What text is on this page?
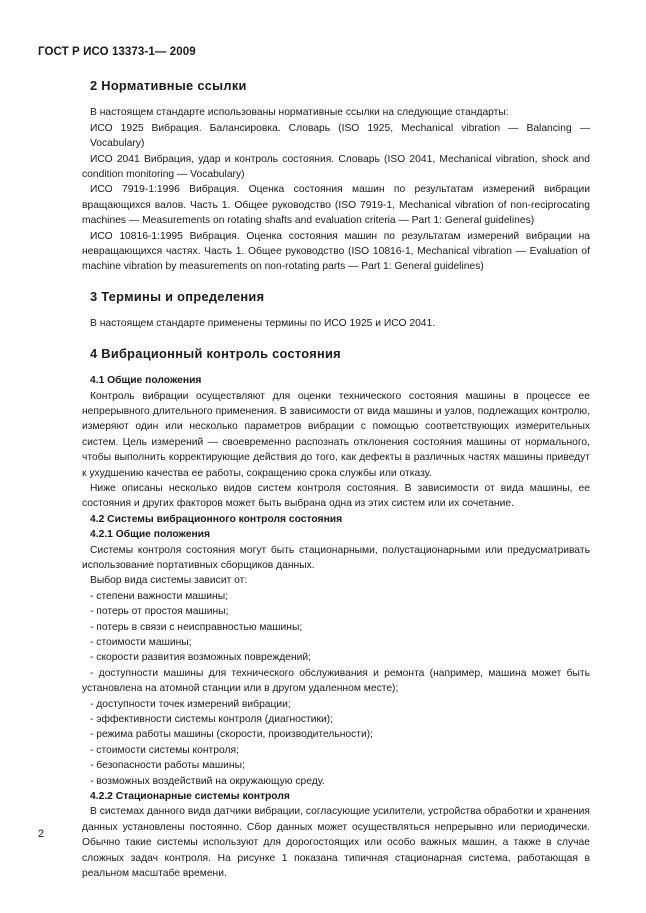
ГОСТ Р ИСО 13373-1— 2009
2 Нормативные ссылки

В настоящем стандарте использованы нормативные ссылки на следующие стандарты:

ИСО 1925 Вибрация. Балансировка. Словарь (ISO 1925, Mechanical vibration — Balancing — Vocabulary)

ИСО 2041 Вибрация, удар и контроль состояния. Словарь (ISO 2041, Mechanical vibration, shock and condition monitoring — Vocabulary)

ИСО 7919-1:1996 Вибрация. Оценка состояния машин по результатам измерений вибрации вращающихся валов. Часть 1. Общее руководство (ISO 7919-1, Mechanical vibration of non-reciprocating machines — Measurements on rotating shafts and evaluation criteria — Part 1: General guidelines)

ИСО 10816-1:1995 Вибрация. Оценка состояния машин по результатам измерений вибрации на невращающихся частях. Часть 1. Общее руководство (ISO 10816-1, Mechanical vibration — Evaluation of machine vibration by measurements on non-rotating parts — Part 1: General guidelines)

3 Термины и определения

В настоящем стандарте применены термины по ИСО 1925 и ИСО 2041.

4 Вибрационный контроль состояния
4.1 Общие положения

Контроль вибрации осуществляют для оценки технического состояния машины в процессе ее непрерывного длительного применения. В зависимости от вида машины и узлов, подлежащих контролю, измеряют один или несколько параметров вибрации с помощью соответствующих измерительных систем. Цель измерений — своевременно распознать отклонения состояния машины от нормального, чтобы выполнить корректирующие действия до того, как дефекты в различных частях машины приведут к ухудшению качества ее работы, сокращению срока службы или отказу.

Ниже описаны несколько видов систем контроля состояния. В зависимости от вида машины, ее состояния и других факторов может быть выбрана одна из этих систем или их сочетание.

4.2 Системы вибрационного контроля состояния
4.2.1 Общие положения

Системы контроля состояния могут быть стационарными, полустационарными или предусматривать использование портативных сборщиков данных.

Выбор вида системы зависит от:

- степени важности машины;

- потерь от простоя машины;

- потерь в связи с неисправностью машины;

- стоимости машины;

- скорости развития возможных повреждений;

- доступности машины для технического обслуживания и ремонта (например, машина может быть установлена на атомной станции или в другом удаленном месте);

- доступности точек измерений вибрации;

- эффективности системы контроля (диагностики);

- режима работы машины (скорости, производительности);

- стоимости системы контроля;

- безопасности работы машины;

- возможных воздействий на окружающую среду.

4.2.2 Стационарные системы контроля

В системах данного вида датчики вибрации, согласующие усилители, устройства обработки и хранения данных установлены постоянно. Сбор данных может осуществляться непрерывно или периодически. Обычно такие системы используют для дорогостоящих или особо важных машин, а также в случае сложных задач контроля. На рисунке 1 показана типичная стационарная система, работающая в реальном масштабе времени.

2
